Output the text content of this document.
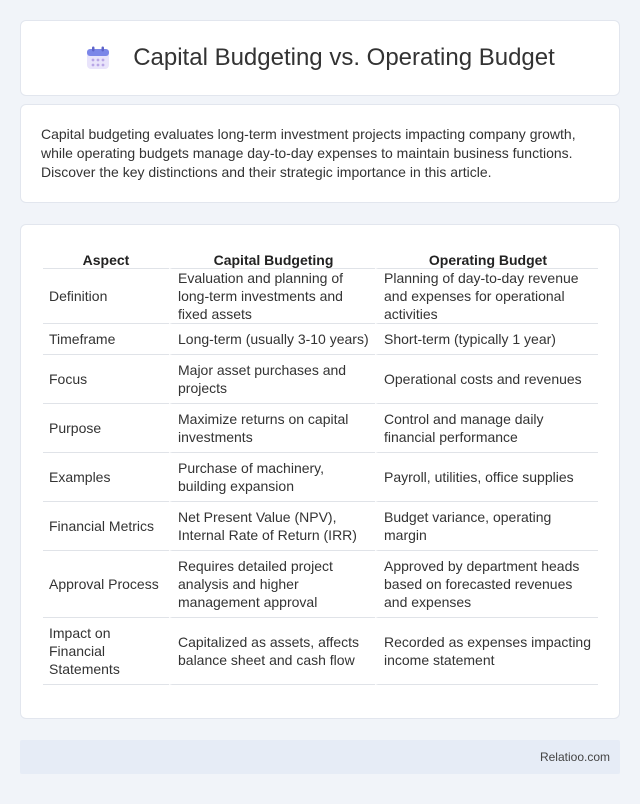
Capital Budgeting vs. Operating Budget

Capital budgeting evaluates long-term investment projects impacting company growth, while operating budgets manage day-to-day expenses to maintain business functions. Discover the key distinctions and their strategic importance in this article.

Aspect	Capital Budgeting	Operating Budget
Definition	Evaluation and planning of long-term investments and fixed assets	Planning of day-to-day revenue and expenses for operational activities
Timeframe	Long-term (usually 3-10 years)	Short-term (typically 1 year)
Focus	Major asset purchases and projects	Operational costs and revenues
Purpose	Maximize returns on capital investments	Control and manage daily financial performance
Examples	Purchase of machinery, building expansion	Payroll, utilities, office supplies
Financial Metrics	Net Present Value (NPV), Internal Rate of Return (IRR)	Budget variance, operating margin
Approval Process	Requires detailed project analysis and higher management approval	Approved by department heads based on forecasted revenues and expenses
Impact on Financial Statements	Capitalized as assets, affects balance sheet and cash flow	Recorded as expenses impacting income statement
Relatioo.com
